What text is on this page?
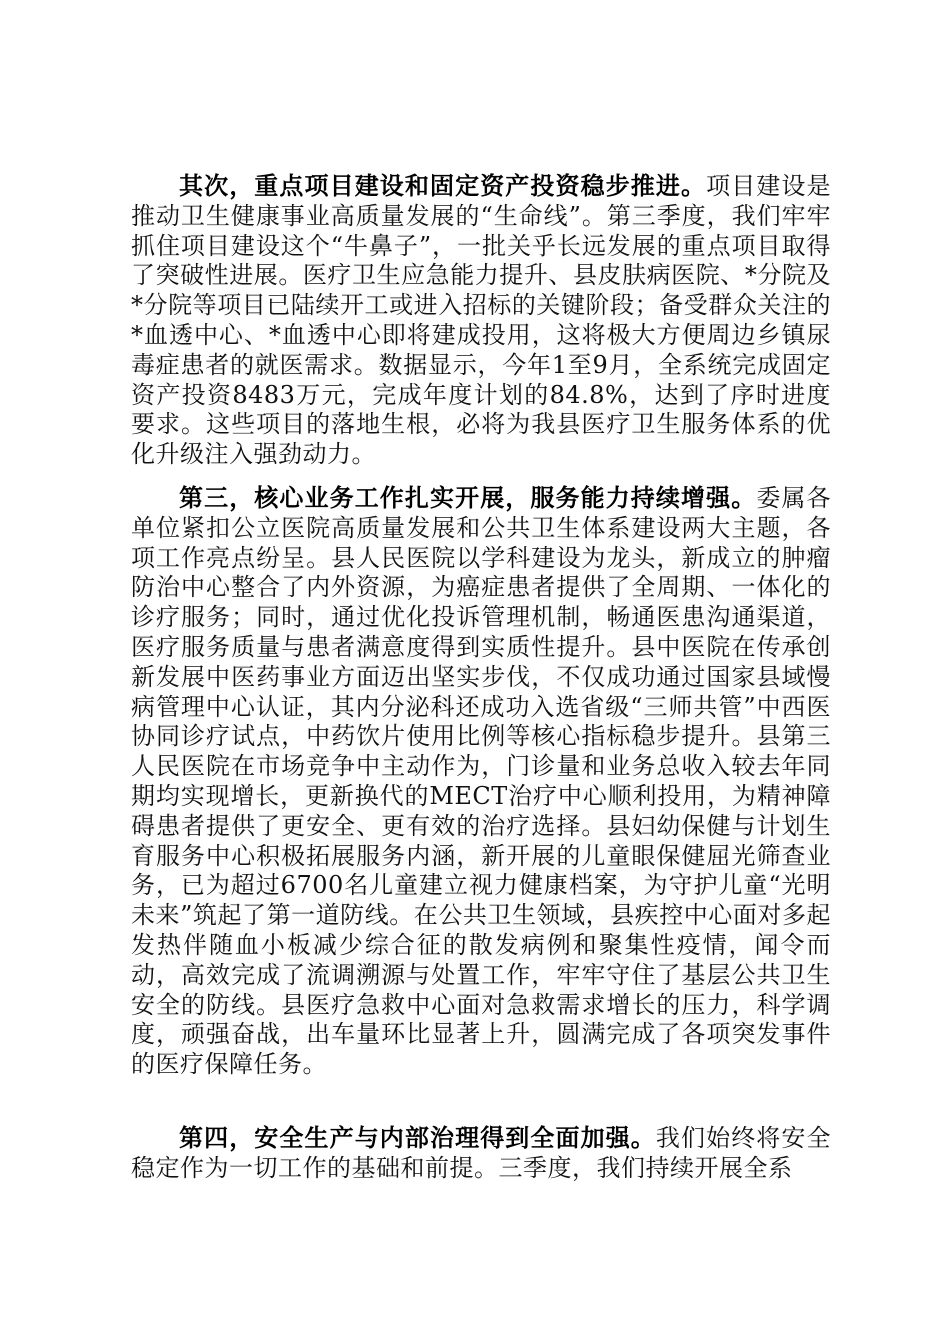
其次，重点项目建设和固定资产投资稳步推进。项目建设是推动卫生健康事业高质量发展的“生命线”。第三季度，我们牢牢抓住项目建设这个“牛鼻子”，一批关乎长远发展的重点项目取得了突破性进展。医疗卫生应急能力提升、县皮肤病医院、*分院及*分院等项目已陆续开工或进入招标的关键阶段；备受群众关注的*血透中心、*血透中心即将建成投用，这将极大方便周边乡镇尿毒症患者的就医需求。数据显示，今年1至9月，全系统完成固定资产投资8483万元，完成年度计划的84.8%，达到了序时进度要求。这些项目的落地生根，必将为我县医疗卫生服务体系的优化升级注入强劲动力。

第三，核心业务工作扎实开展，服务能力持续增强。委属各单位紧扣公立医院高质量发展和公共卫生体系建设两大主题，各项工作亮点纷呈。县人民医院以学科建设为龙头，新成立的肿瘤防治中心整合了内外资源，为癌症患者提供了全周期、一体化的诊疗服务；同时，通过优化投诉管理机制，畅通医患沟通渠道，医疗服务质量与患者满意度得到实质性提升。县中医院在传承创新发展中医药事业方面迈出坚实步伐，不仅成功通过国家县域慢病管理中心认证，其内分泌科还成功入选省级“三师共管”中西医协同诊疗试点，中药饮片使用比例等核心指标稳步提升。县第三人民医院在市场竞争中主动作为，门诊量和业务总收入较去年同期均实现增长，更新换代的MECT治疗中心顺利投用，为精神障碍患者提供了更安全、更有效的治疗选择。县妇幼保健与计划生育服务中心积极拓展服务内涵，新开展的儿童眼保健屈光筛查业务，已为超过6700名儿童建立视力健康档案，为守护儿童“光明未来”筑起了第一道防线。在公共卫生领域，县疾控中心面对多起发热伴随血小板减少综合征的散发病例和聚集性疫情，闻令而动，高效完成了流调溯源与处置工作，牢牢守住了基层公共卫生安全的防线。县医疗急救中心面对急救需求增长的压力，科学调度，顽强奋战，出车量环比显著上升，圆满完成了各项突发事件的医疗保障任务。

第四，安全生产与内部治理得到全面加强。我们始终将安全稳定作为一切工作的基础和前提。三季度，我们持续开展全系
